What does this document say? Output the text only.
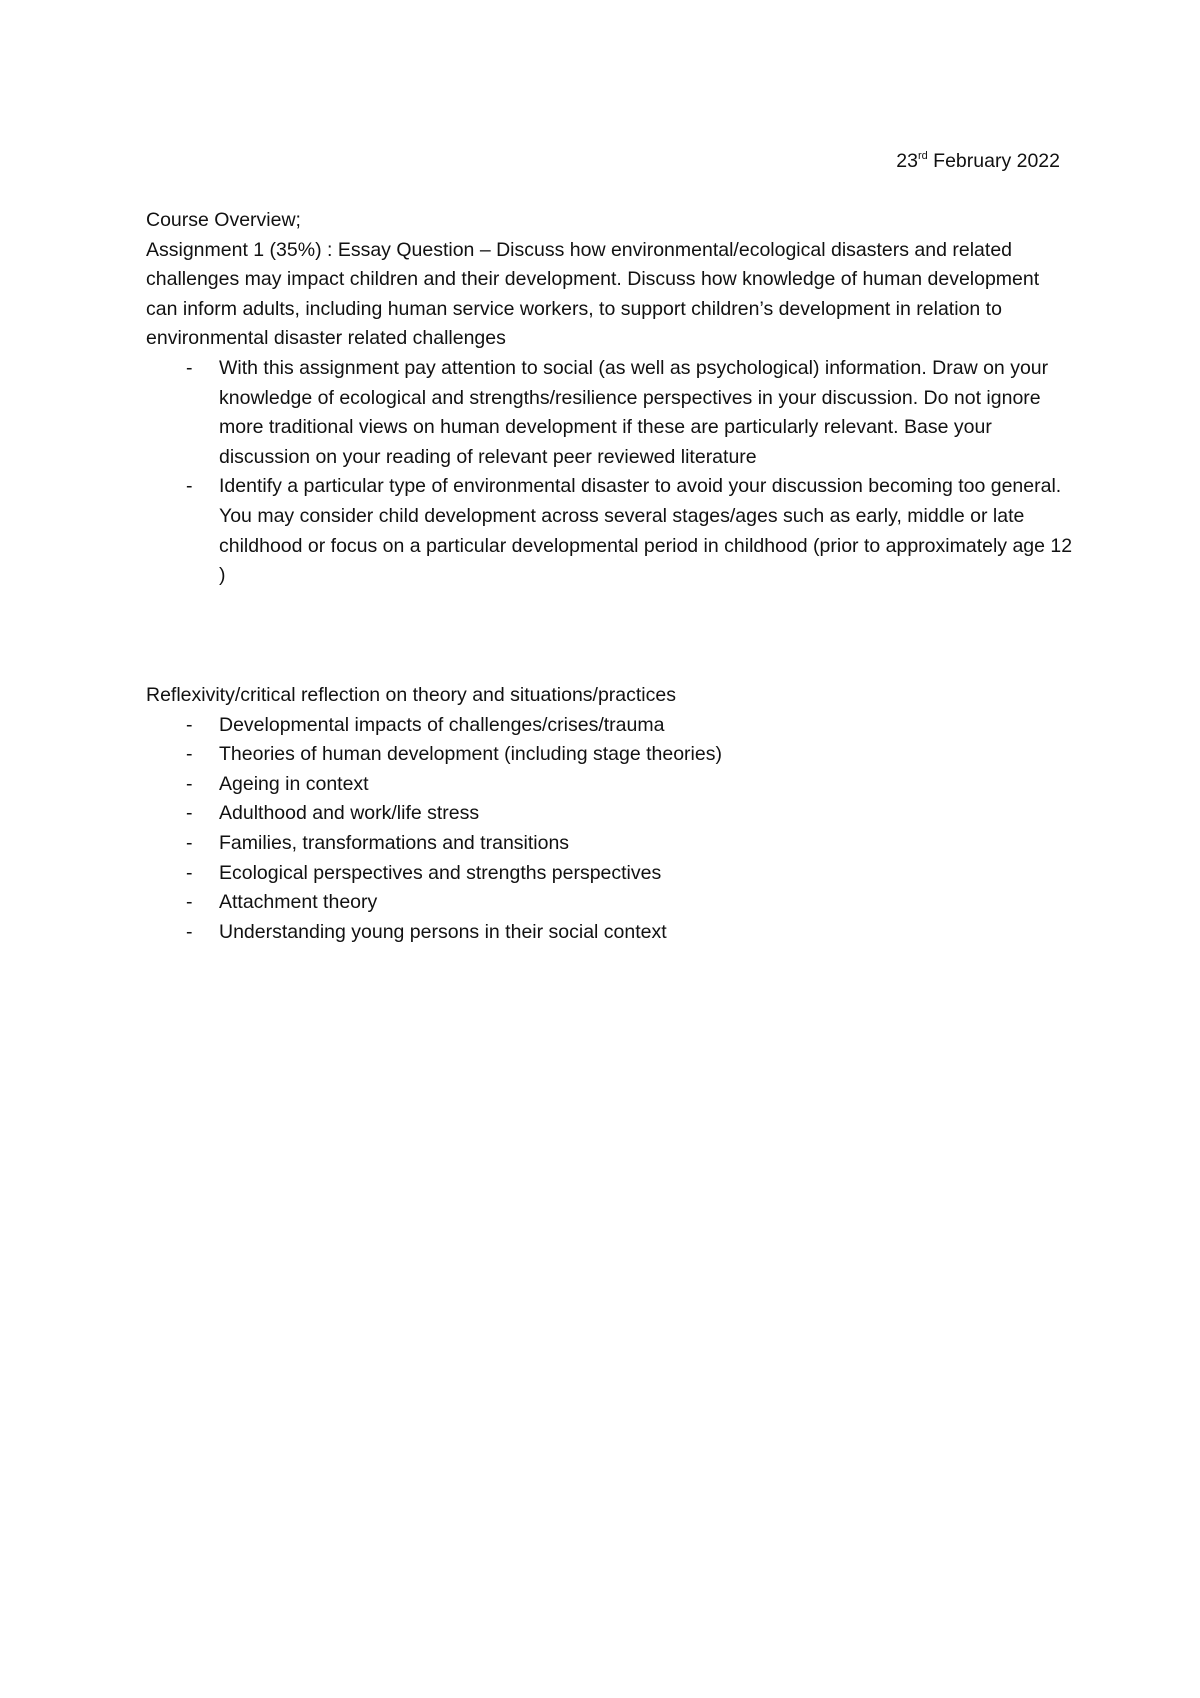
23rd February 2022

Course Overview;

Assignment 1 (35%) : Essay Question – Discuss how environmental/ecological disasters and related challenges may impact children and their development. Discuss how knowledge of human development can inform adults, including human service workers, to support children’s development in relation to environmental disaster related challenges

- With this assignment pay attention to social (as well as psychological) information. Draw on your knowledge of ecological and strengths/resilience perspectives in your discussion. Do not ignore more traditional views on human development if these are particularly relevant. Base your discussion on your reading of relevant peer reviewed literature
- Identify a particular type of environmental disaster to avoid your discussion becoming too general. You may consider child development across several stages/ages such as early, middle or late childhood or focus on a particular developmental period in childhood (prior to approximately age 12 )

Reflexivity/critical reflection on theory and situations/practices

- Developmental impacts of challenges/crises/trauma
- Theories of human development (including stage theories)
- Ageing in context
- Adulthood and work/life stress
- Families, transformations and transitions
- Ecological perspectives and strengths perspectives
- Attachment theory
- Understanding young persons in their social context
